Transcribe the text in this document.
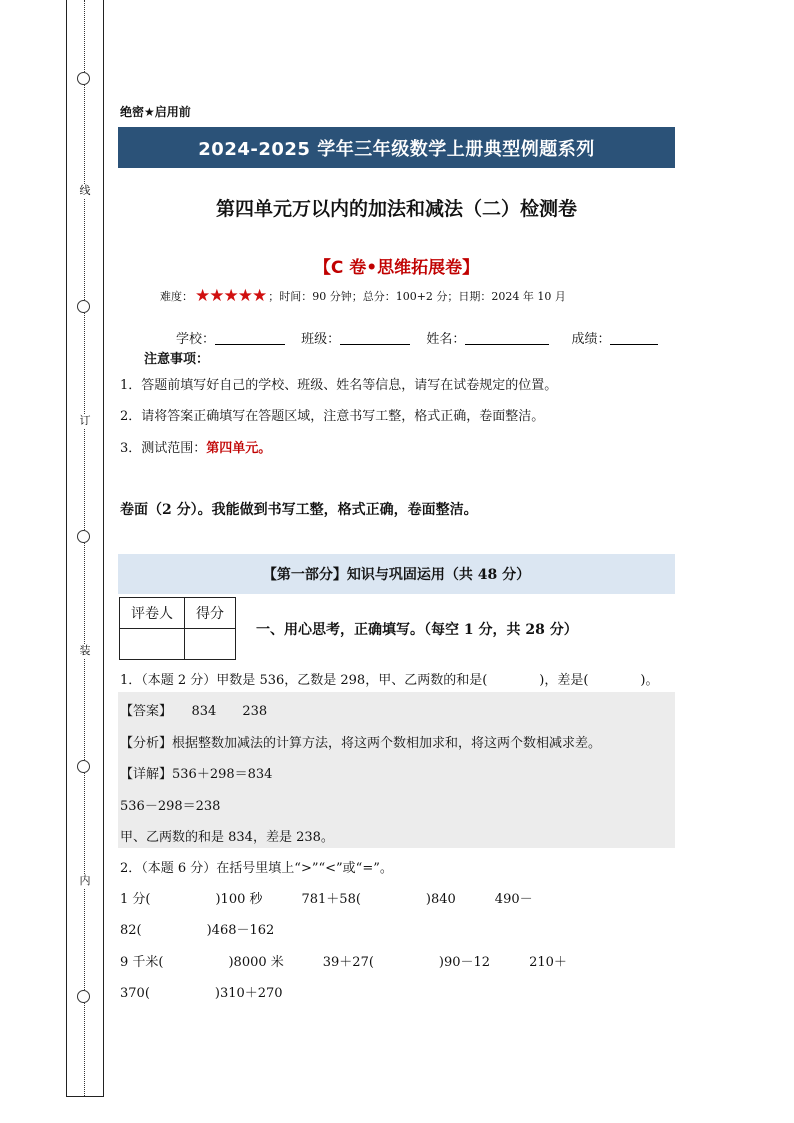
线
订
装
内
绝密★启用前
2024-2025 学年三年级数学上册典型例题系列
第四单元万以内的加法和减法（二）检测卷
【C 卷•思维拓展卷】
难度： ★★★★★ ；时间：90 分钟；总分：100+2 分；日期：2024 年 10 月
学校：	班级：	姓名：	成绩：
注意事项：
1．答题前填写好自己的学校、班级、姓名等信息，请写在试卷规定的位置。
2．请将答案正确填写在答题区域，注意书写工整，格式正确，卷面整洁。
3．测试范围：第四单元。
卷面（2 分）。我能做到书写工整，格式正确，卷面整洁。
【第一部分】知识与巩固运用（共 48 分）
评卷人	得分

一、用心思考，正确填写。（每空 1 分，共 28 分）
1．（本题 2 分）甲数是 536，乙数是 298，甲、乙两数的和是(　　　　)，差是(　　　　)。
【答案】　　834　　238
【分析】根据整数加减法的计算方法，将这两个数相加求和，将这两个数相减求差。
【详解】536＋298＝834
536－298＝238
甲、乙两数的和是 834，差是 238。
2．（本题 6 分）在括号里填上“>”“<”或“=”。
1 分(　　　　　)100 秒　　　781＋58(　　　　　)840　　　490－
82(　　　　　)468－162
9 千米(　　　　　)8000 米　　　39＋27(　　　　　)90－12　　　210＋
370(　　　　　)310＋270
